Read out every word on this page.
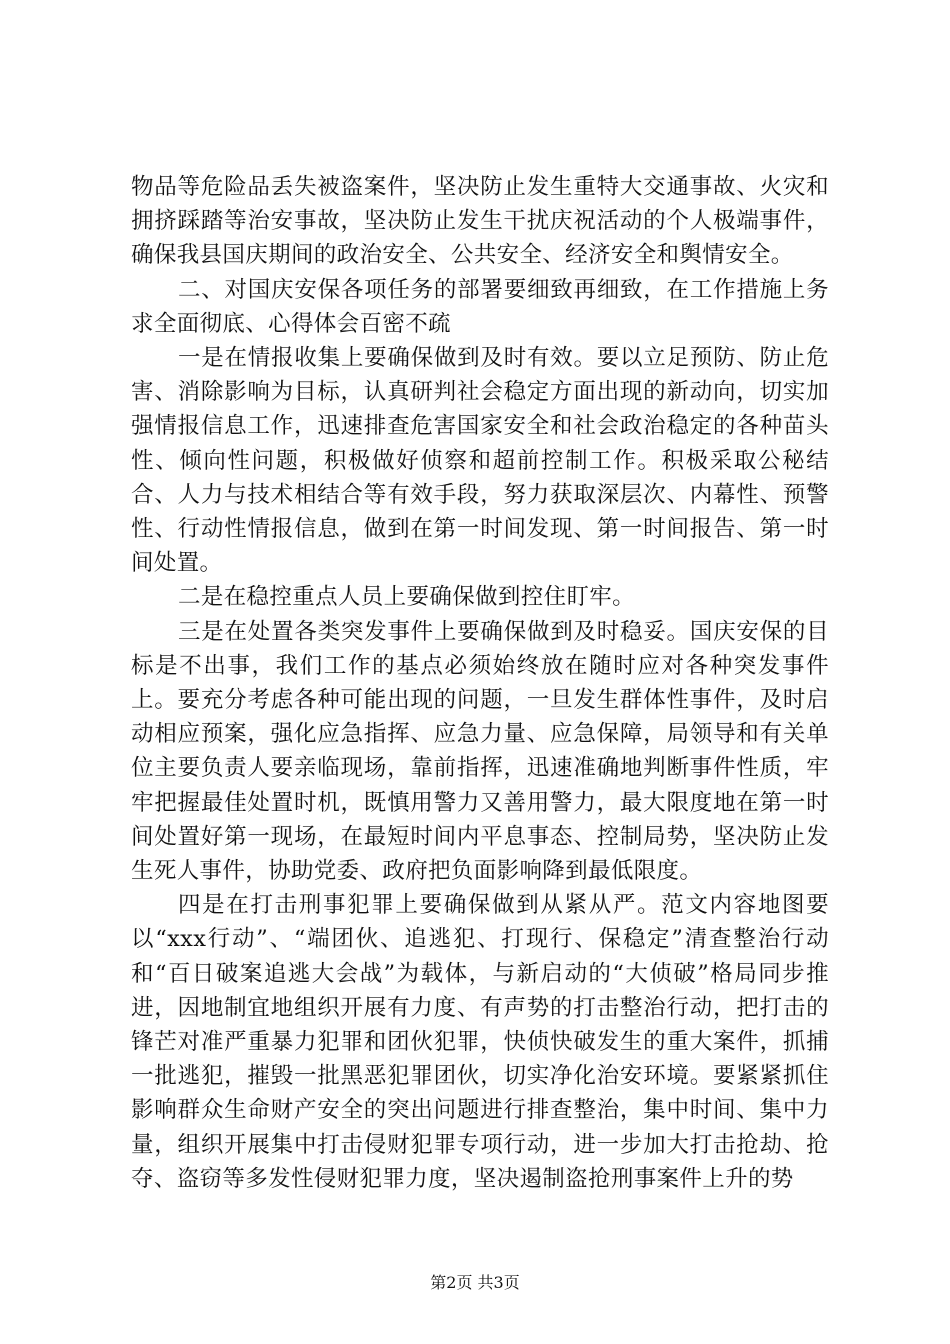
物品等危险品丢失被盗案件，坚决防止发生重特大交通事故、火灾和拥挤踩踏等治安事故，坚决防止发生干扰庆祝活动的个人极端事件，确保我县国庆期间的政治安全、公共安全、经济安全和舆情安全。

二、对国庆安保各项任务的部署要细致再细致，在工作措施上务求全面彻底、心得体会百密不疏

一是在情报收集上要确保做到及时有效。要以立足预防、防止危害、消除影响为目标，认真研判社会稳定方面出现的新动向，切实加强情报信息工作，迅速排查危害国家安全和社会政治稳定的各种苗头性、倾向性问题，积极做好侦察和超前控制工作。积极采取公秘结合、人力与技术相结合等有效手段，努力获取深层次、内幕性、预警性、行动性情报信息，做到在第一时间发现、第一时间报告、第一时间处置。

二是在稳控重点人员上要确保做到控住盯牢。

三是在处置各类突发事件上要确保做到及时稳妥。国庆安保的目标是不出事，我们工作的基点必须始终放在随时应对各种突发事件上。要充分考虑各种可能出现的问题，一旦发生群体性事件，及时启动相应预案，强化应急指挥、应急力量、应急保障，局领导和有关单位主要负责人要亲临现场，靠前指挥，迅速准确地判断事件性质，牢牢把握最佳处置时机，既慎用警力又善用警力，最大限度地在第一时间处置好第一现场，在最短时间内平息事态、控制局势，坚决防止发生死人事件，协助党委、政府把负面影响降到最低限度。

四是在打击刑事犯罪上要确保做到从紧从严。范文内容地图要以“xxx行动”、“端团伙、追逃犯、打现行、保稳定”清查整治行动和“百日破案追逃大会战”为载体，与新启动的“大侦破”格局同步推进，因地制宜地组织开展有力度、有声势的打击整治行动，把打击的锋芒对准严重暴力犯罪和团伙犯罪，快侦快破发生的重大案件，抓捕一批逃犯，摧毁一批黑恶犯罪团伙，切实净化治安环境。要紧紧抓住影响群众生命财产安全的突出问题进行排查整治，集中时间、集中力量，组织开展集中打击侵财犯罪专项行动，进一步加大打击抢劫、抢夺、盗窃等多发性侵财犯罪力度，坚决遏制盗抢刑事案件上升的势

第2页 共3页
